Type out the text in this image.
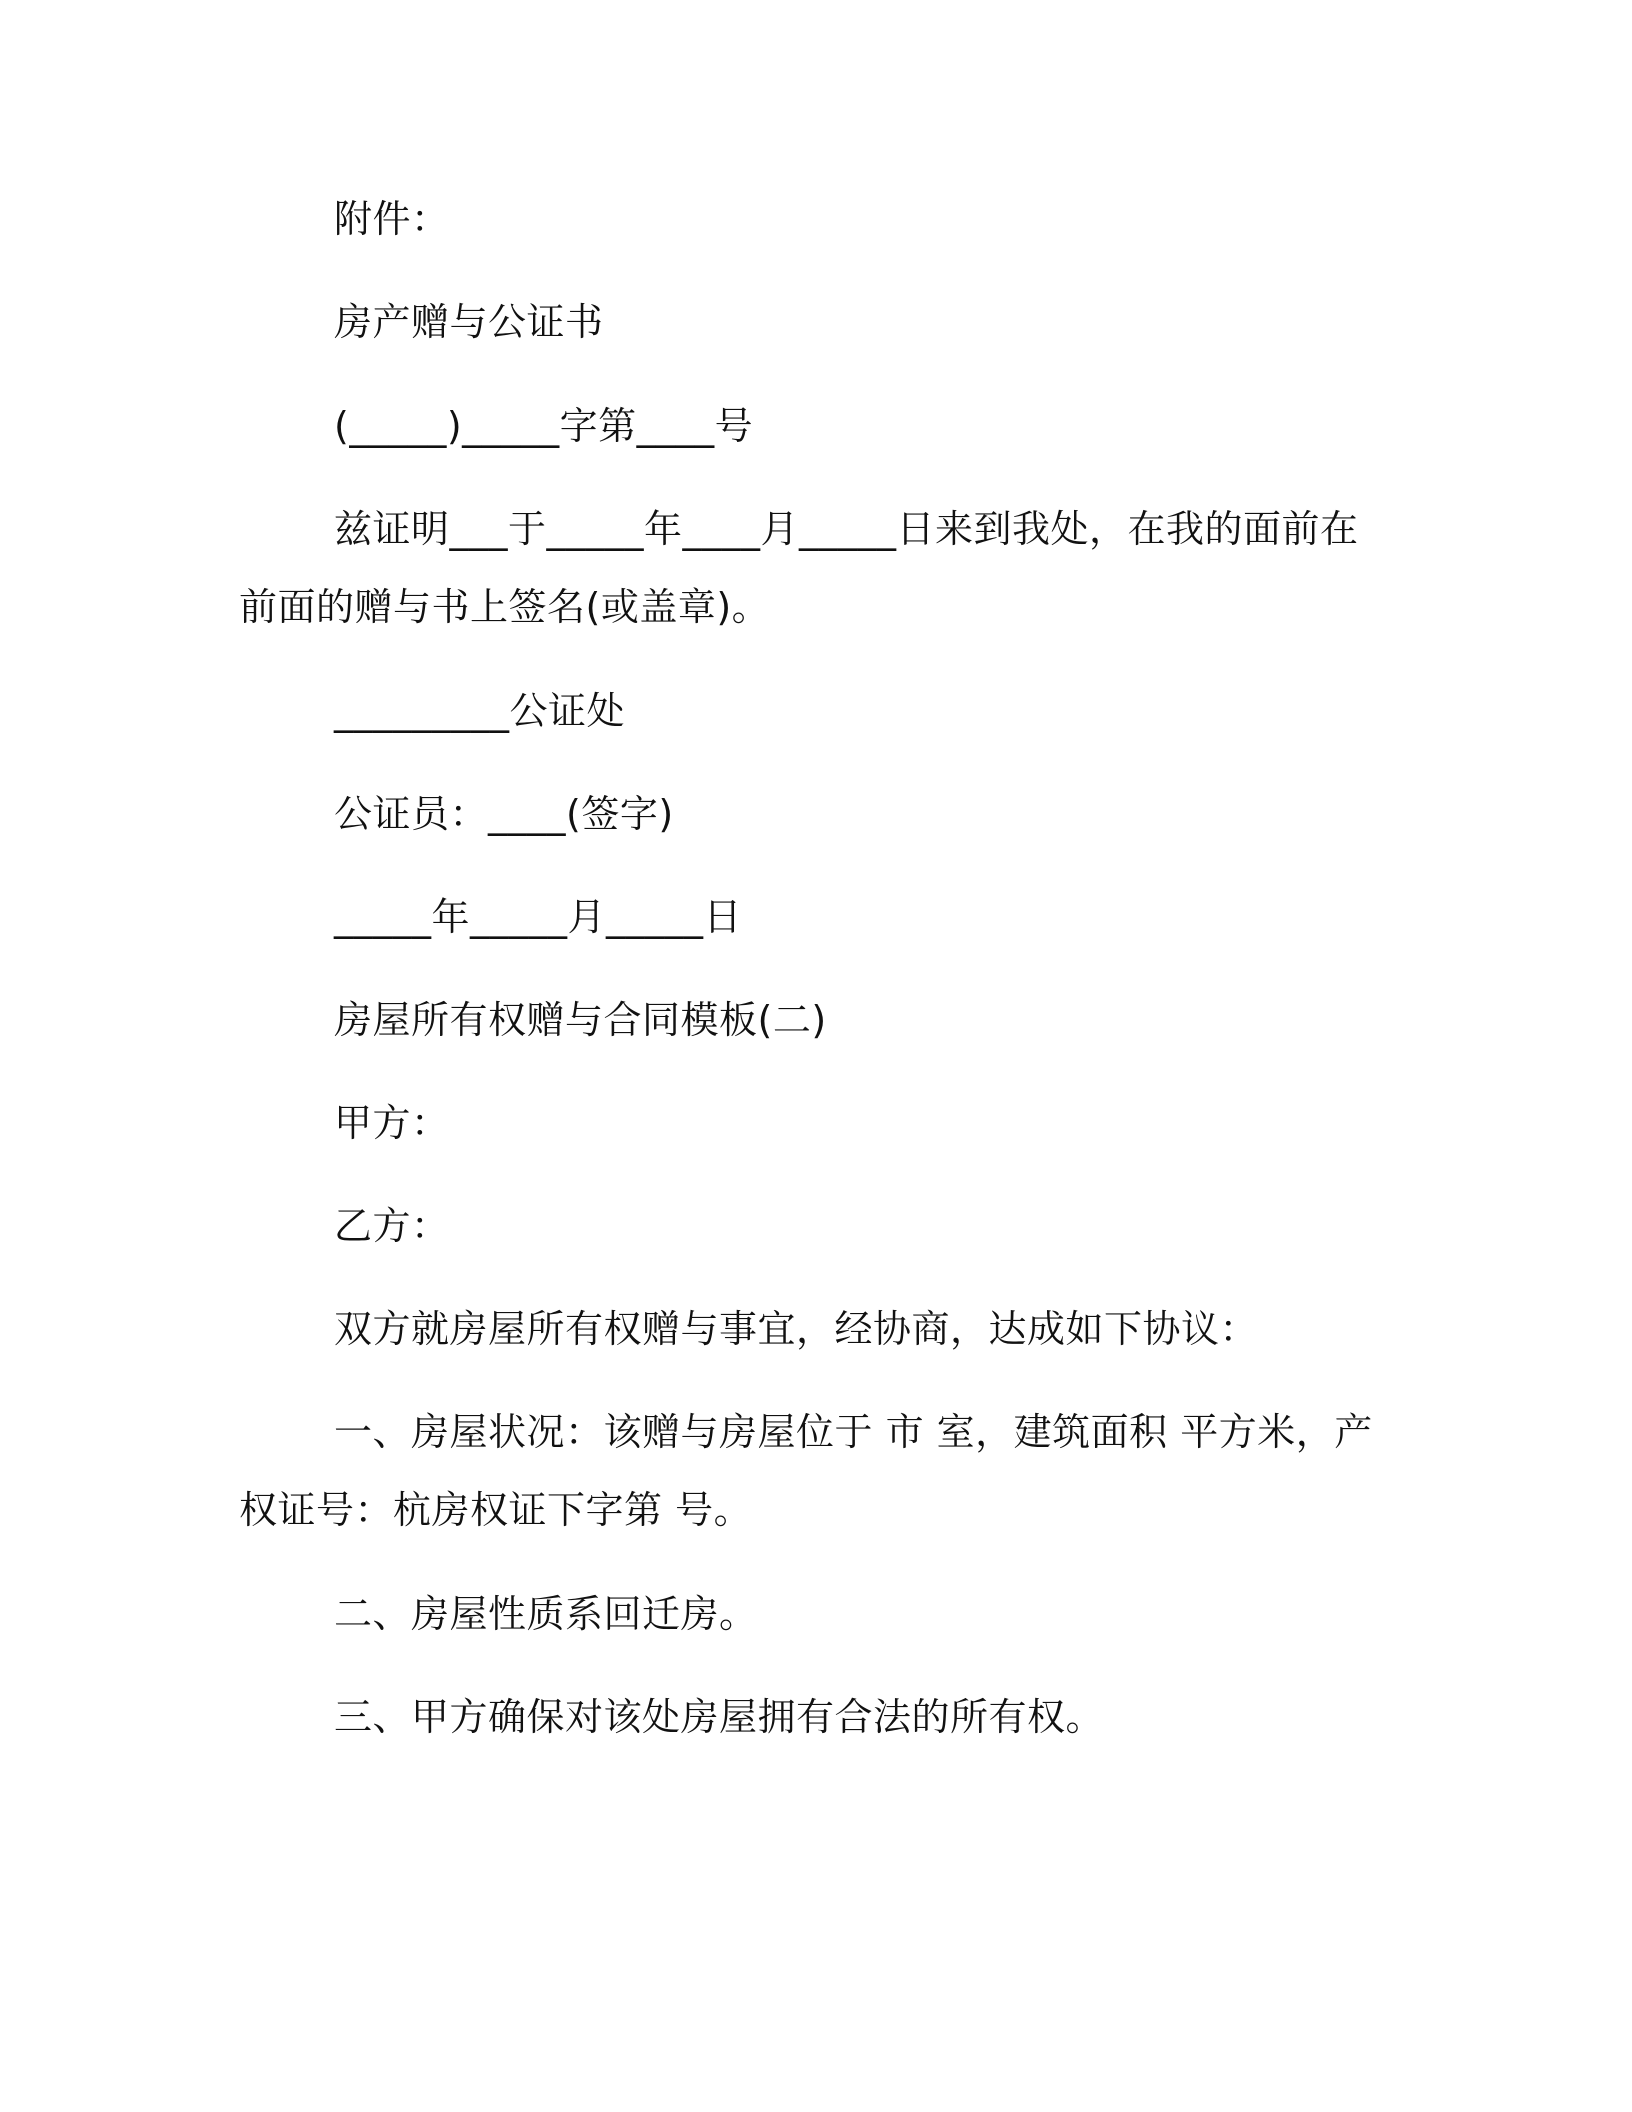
附件：

房产赠与公证书

(_____)_____字第____号

兹证明___于_____年____月_____日来到我处，在我的面前在前面的赠与书上签名(或盖章)。

_________公证处

公证员：____(签字)

_____年_____月_____日

房屋所有权赠与合同模板(二)

甲方：

乙方：

双方就房屋所有权赠与事宜，经协商，达成如下协议：

一、房屋状况：该赠与房屋位于 市 室，建筑面积 平方米，产权证号：杭房权证下字第 号。

二、房屋性质系回迁房。

三、甲方确保对该处房屋拥有合法的所有权。
